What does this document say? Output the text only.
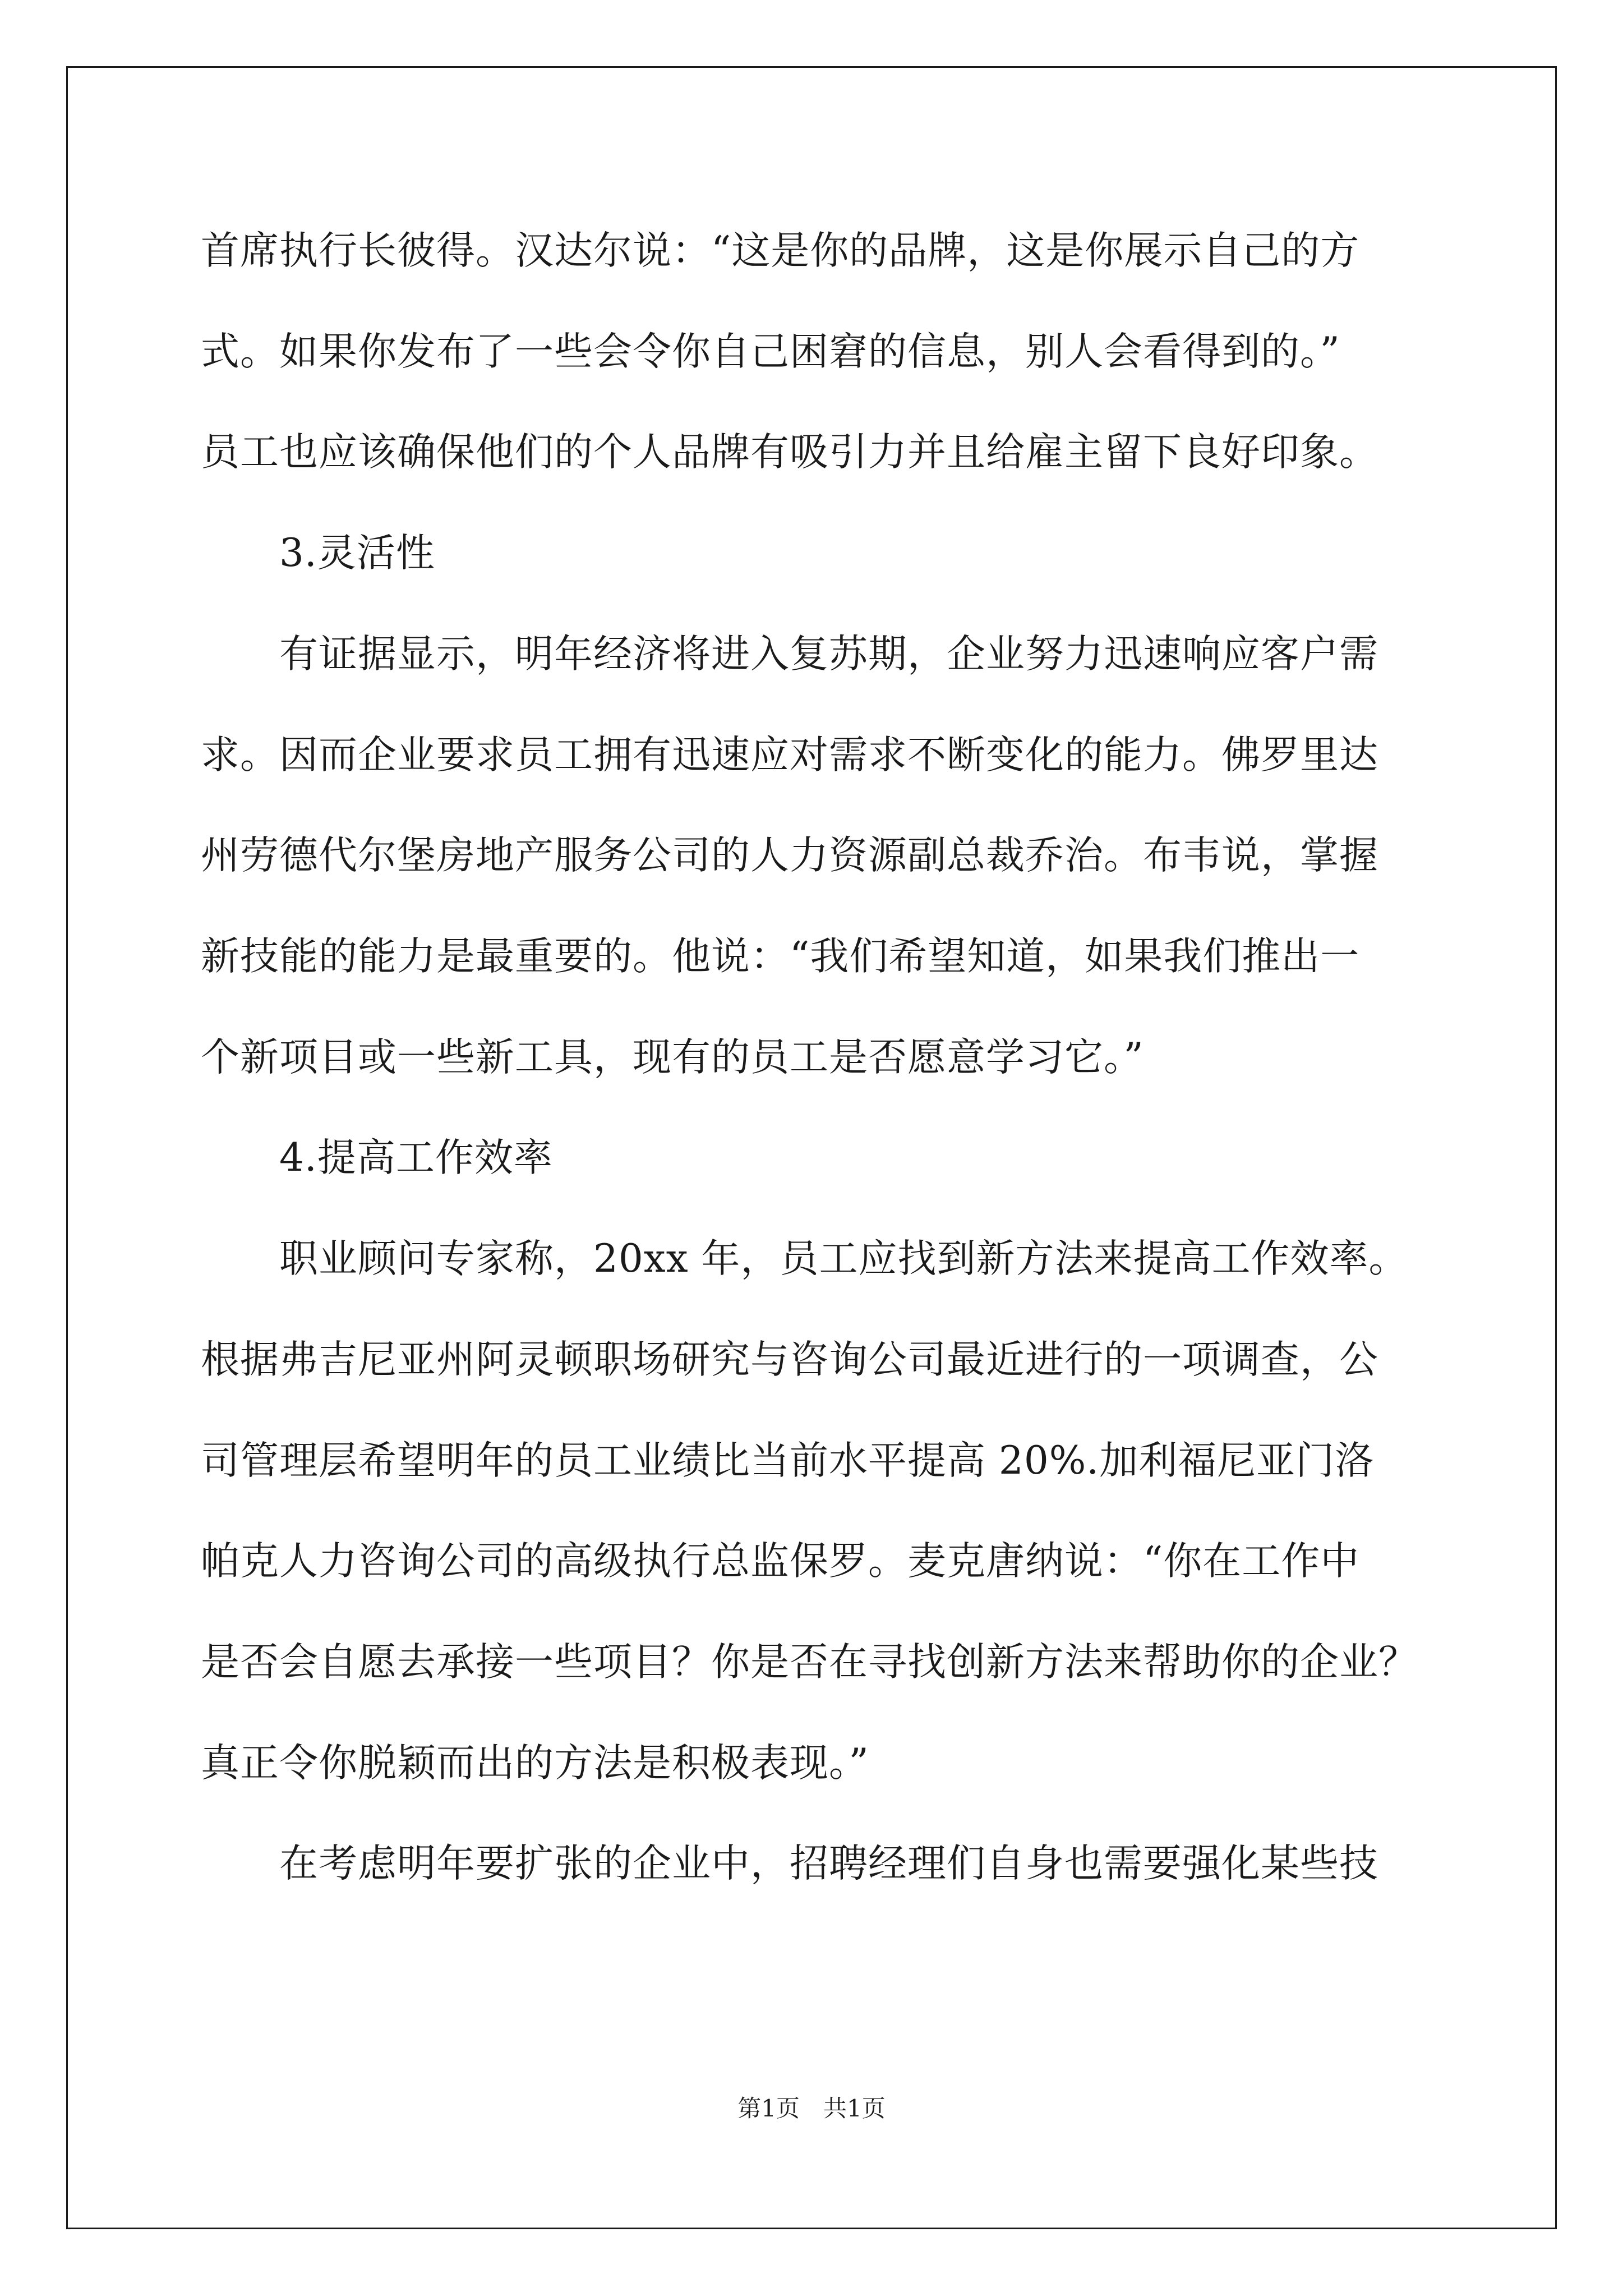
首席执行长彼得。汉达尔说：“这是你的品牌，这是你展示自己的方
式。如果你发布了一些会令你自己困窘的信息，别人会看得到的。”
员工也应该确保他们的个人品牌有吸引力并且给雇主留下良好印象。
3.灵活性
有证据显示，明年经济将进入复苏期，企业努力迅速响应客户需
求。因而企业要求员工拥有迅速应对需求不断变化的能力。佛罗里达
州劳德代尔堡房地产服务公司的人力资源副总裁乔治。布韦说，掌握
新技能的能力是最重要的。他说：“我们希望知道，如果我们推出一
个新项目或一些新工具，现有的员工是否愿意学习它。”
4.提高工作效率
职业顾问专家称，20xx 年，员工应找到新方法来提高工作效率。
根据弗吉尼亚州阿灵顿职场研究与咨询公司最近进行的一项调查，公
司管理层希望明年的员工业绩比当前水平提高 20%.加利福尼亚门洛
帕克人力咨询公司的高级执行总监保罗。麦克唐纳说：“你在工作中
是否会自愿去承接一些项目？你是否在寻找创新方法来帮助你的企业？
真正令你脱颖而出的方法是积极表现。”
在考虑明年要扩张的企业中，招聘经理们自身也需要强化某些技
第1页　共1页
